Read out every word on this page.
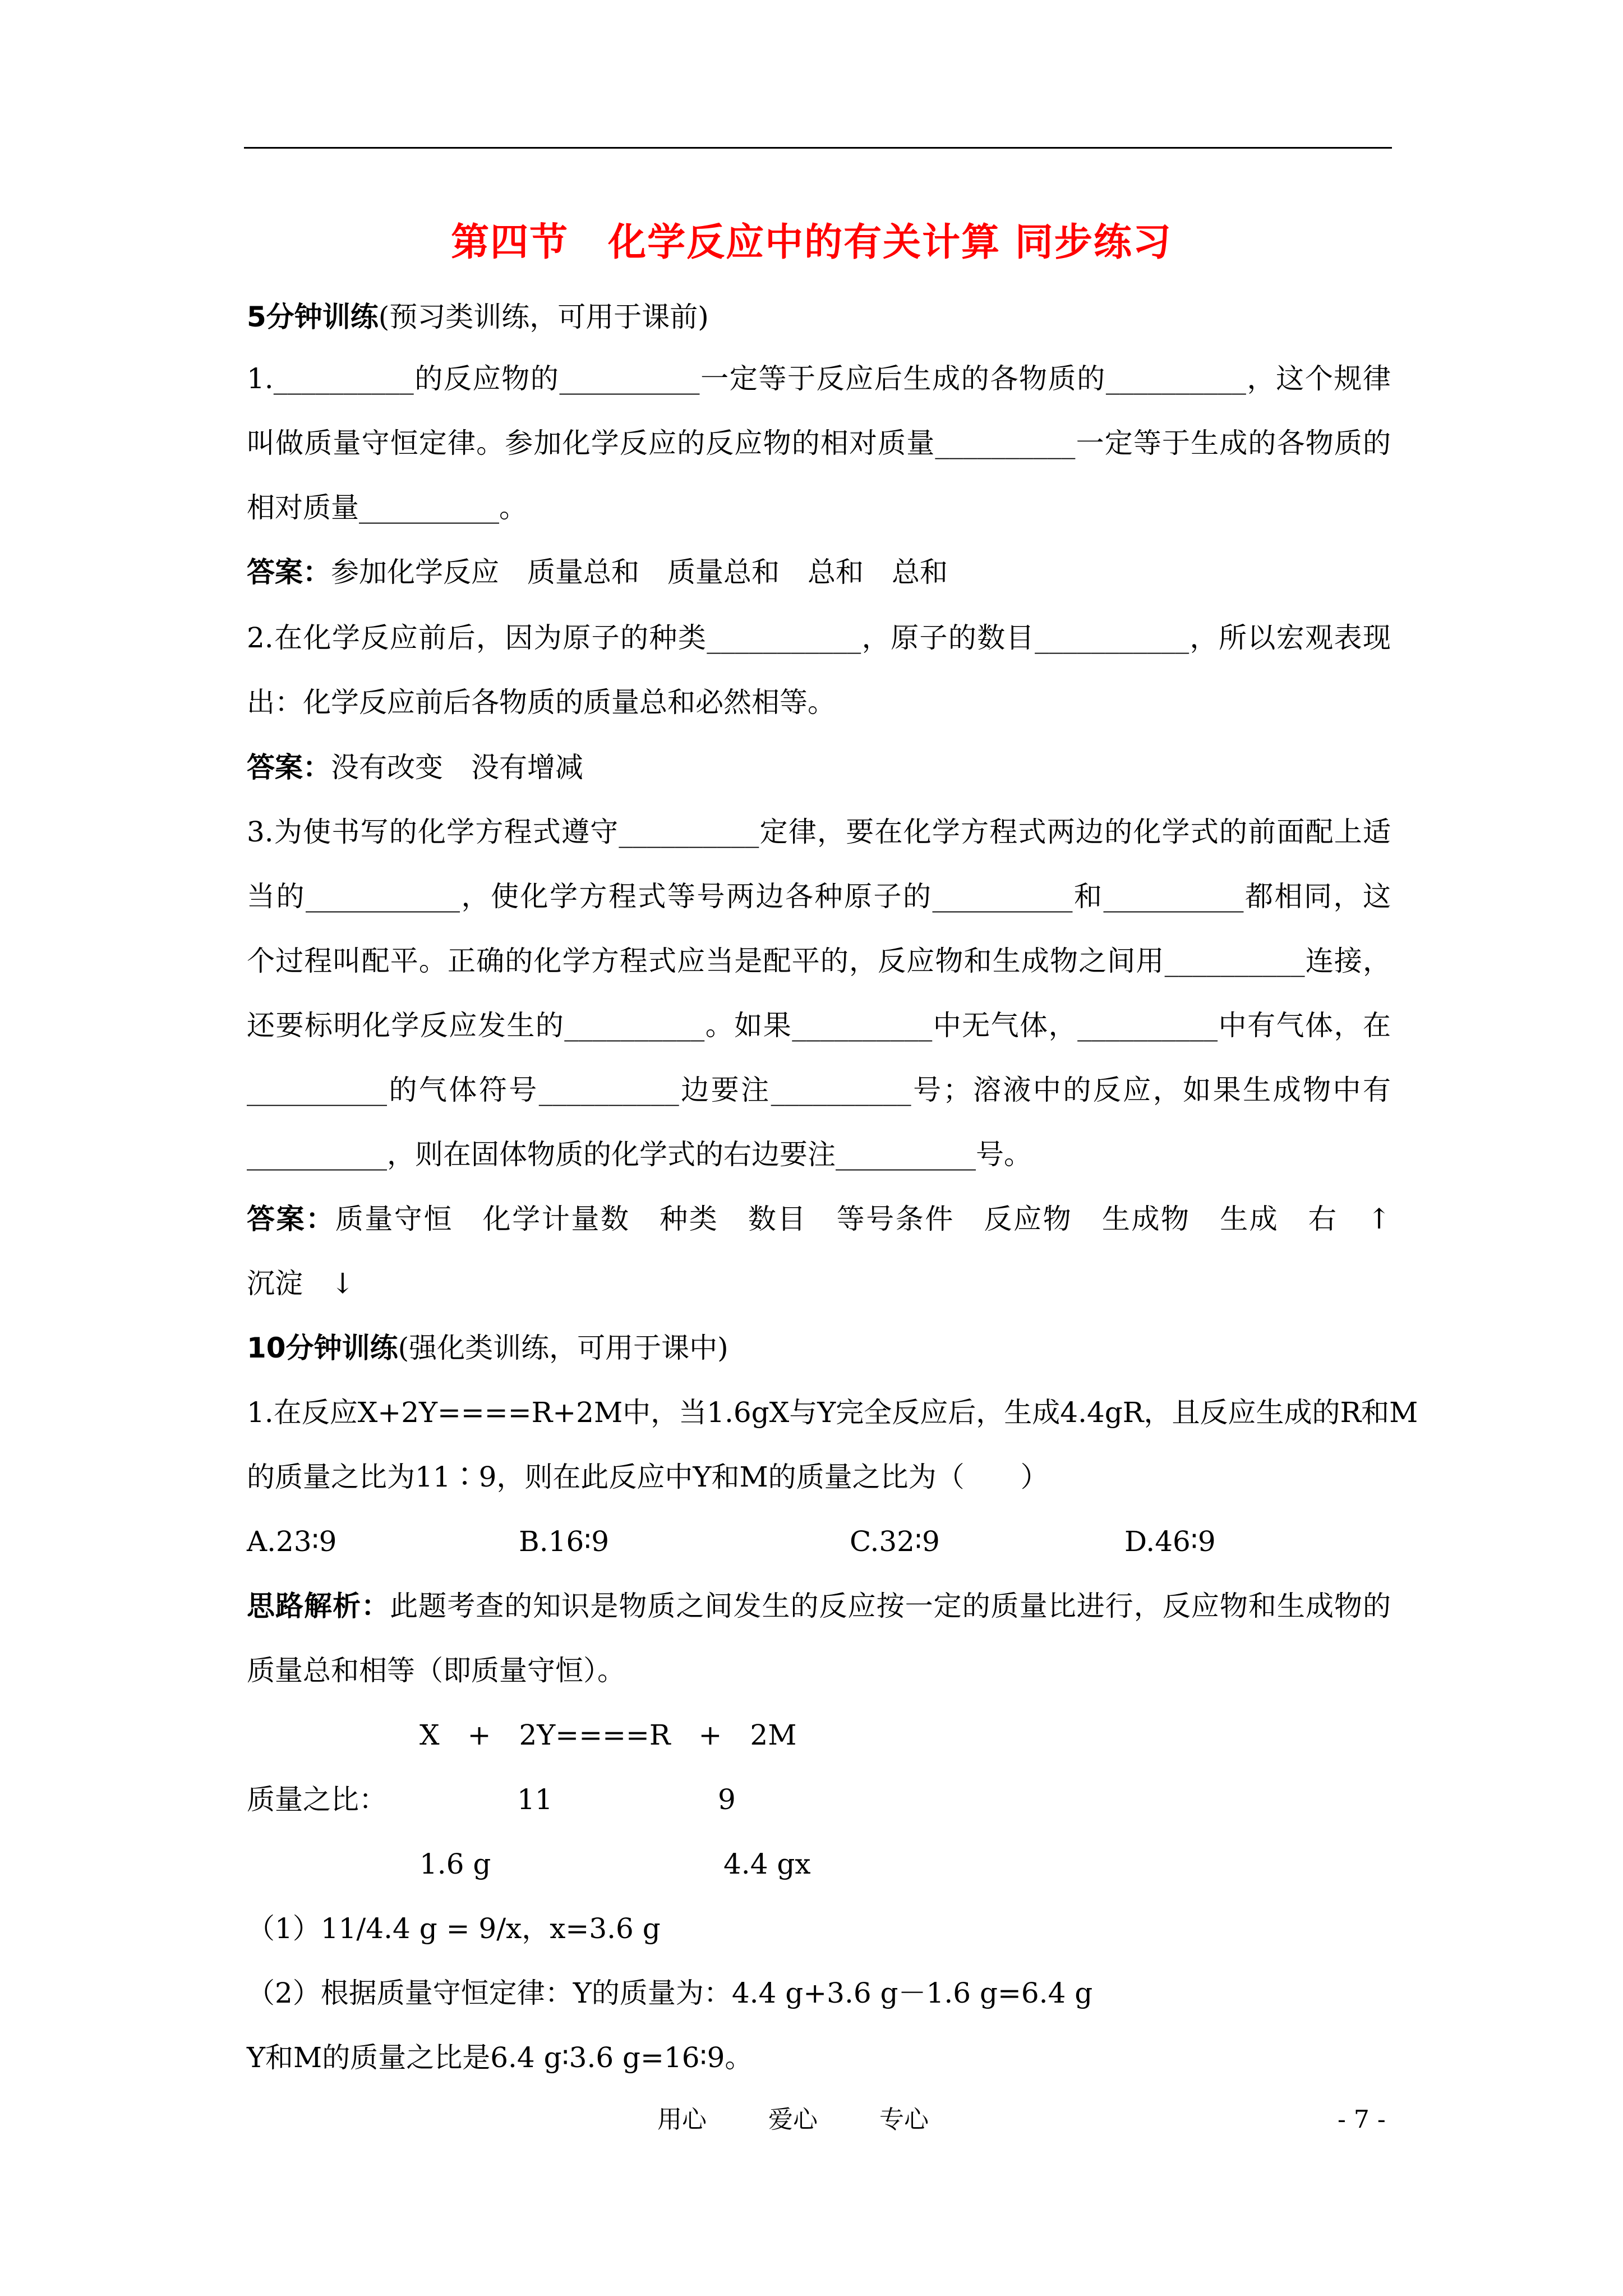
第四节　化学反应中的有关计算 同步练习
5分钟训练(预习类训练，可用于课前)
1.__________的反应物的__________一定等于反应后生成的各物质的__________，这个规律
叫做质量守恒定律。参加化学反应的反应物的相对质量__________一定等于生成的各物质的
相对质量__________。
答案：参加化学反应　质量总和　质量总和　总和　总和
2.在化学反应前后，因为原子的种类___________，原子的数目___________，所以宏观表现
出：化学反应前后各物质的质量总和必然相等。
答案：没有改变　没有增减
3.为使书写的化学方程式遵守__________定律，要在化学方程式两边的化学式的前面配上适
当的___________，使化学方程式等号两边各种原子的__________和__________都相同，这
个过程叫配平。正确的化学方程式应当是配平的，反应物和生成物之间用__________连接，
还要标明化学反应发生的__________。如果__________中无气体，__________中有气体，在
__________的气体符号__________边要注__________号；溶液中的反应，如果生成物中有
__________，则在固体物质的化学式的右边要注__________号。
答案：质量守恒　化学计量数　种类　数目　等号条件　反应物　生成物　生成　右　↑
沉淀　↓
10分钟训练(强化类训练，可用于课中)
1.在反应X+2Y====R+2M中，当1.6gX与Y完全反应后，生成4.4gR，且反应生成的R和M
的质量之比为11∶9，则在此反应中Y和M的质量之比为（　　）
A.23∶9	B.16∶9	C.32∶9	D.46∶9
思路解析：此题考查的知识是物质之间发生的反应按一定的质量比进行，反应物和生成物的
质量总和相等（即质量守恒）。
X　+　2Y====R　+　2M
质量之比：	11	9
1.6 g	4.4 gx
（1）11/4.4 g = 9/x，x=3.6 g
（2）根据质量守恒定律：Y的质量为：4.4 g+3.6 g－1.6 g=6.4 g
Y和M的质量之比是6.4 g∶3.6 g=16∶9。
用心	爱心	专心	- 7 -
